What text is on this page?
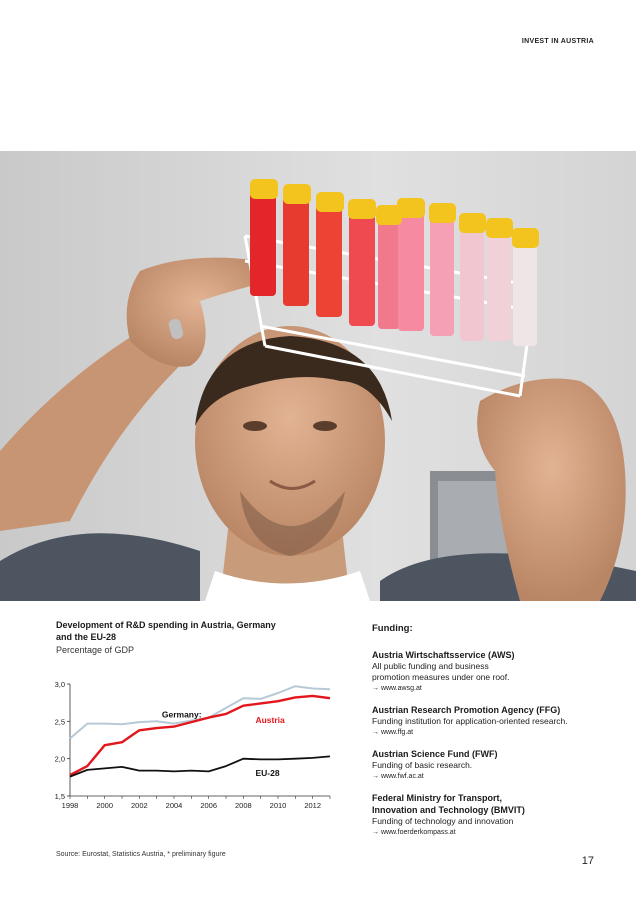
INVEST IN AUSTRIA
Development of R&D spending in Austria, Germany and the EU-28
Percentage of GDP
1,5
2,0
2,5
3,0
1998 2000 2002 2004 2006 2008 2010 2012
Germany:
Austria
EU-28
Source: Eurostat, Statistics Austria, * preliminary figure
Funding:
Austria Wirtschaftsservice (AWS)
All public funding and business
promotion measures under one roof.
→ www.awsg.at
Austrian Research Promotion Agency (FFG)
Funding institution for application-oriented research.
→ www.ffg.at
Austrian Science Fund (FWF)
Funding of basic research.
→ www.fwf.ac.at
Federal Ministry for Transport,
Innovation and Technology (BMVIT)
Funding of technology and innovation
→ www.foerderkompass.at
17
